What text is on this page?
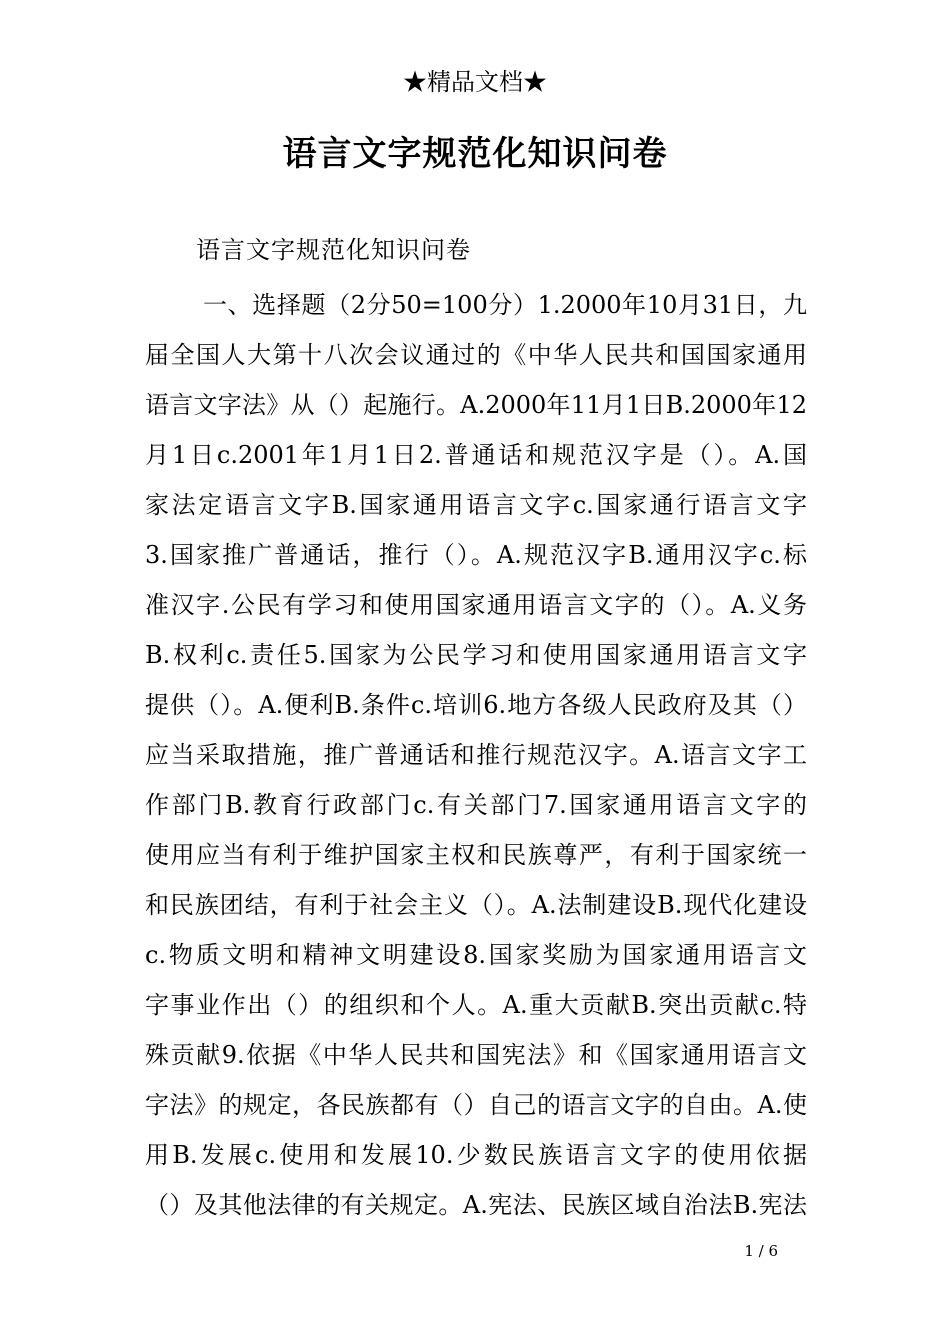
★精品文档★
语言文字规范化知识问卷
语言文字规范化知识问卷
一、选择题（2分50=100分）1.2000年10月31日，九
届全国人大第十八次会议通过的《中华人民共和国国家通用
语言文字法》从（）起施行。A.2000年11月1日B.2000年12
月1日c.2001年1月1日2.普通话和规范汉字是（）。A.国
家法定语言文字B.国家通用语言文字c.国家通行语言文字
3.国家推广普通话，推行（）。A.规范汉字B.通用汉字c.标
准汉字.公民有学习和使用国家通用语言文字的（）。A.义务
B.权利c.责任5.国家为公民学习和使用国家通用语言文字
提供（）。A.便利B.条件c.培训6.地方各级人民政府及其（）
应当采取措施，推广普通话和推行规范汉字。A.语言文字工
作部门B.教育行政部门c.有关部门7.国家通用语言文字的
使用应当有利于维护国家主权和民族尊严，有利于国家统一
和民族团结，有利于社会主义（）。A.法制建设B.现代化建设
c.物质文明和精神文明建设8.国家奖励为国家通用语言文
字事业作出（）的组织和个人。A.重大贡献B.突出贡献c.特
殊贡献9.依据《中华人民共和国宪法》和《国家通用语言文
字法》的规定，各民族都有（）自己的语言文字的自由。A.使
用B.发展c.使用和发展10.少数民族语言文字的使用依据
（）及其他法律的有关规定。A.宪法、民族区域自治法B.宪法
1 / 6
